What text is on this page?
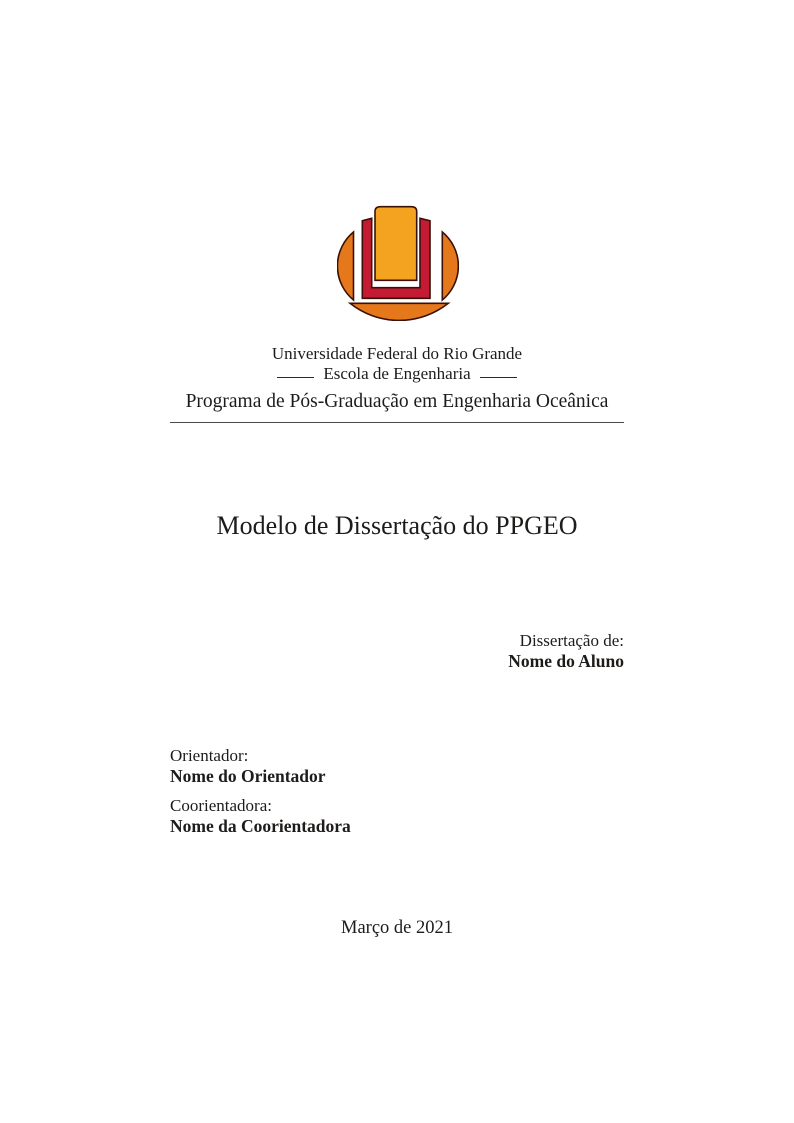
Universidade Federal do Rio Grande
Escola de Engenharia
Programa de Pós-Graduação em Engenharia Oceânica
Modelo de Dissertação do PPGEO
Dissertação de:
Nome do Aluno
Orientador:
Nome do Orientador
Coorientadora:
Nome da Coorientadora
Março de 2021
